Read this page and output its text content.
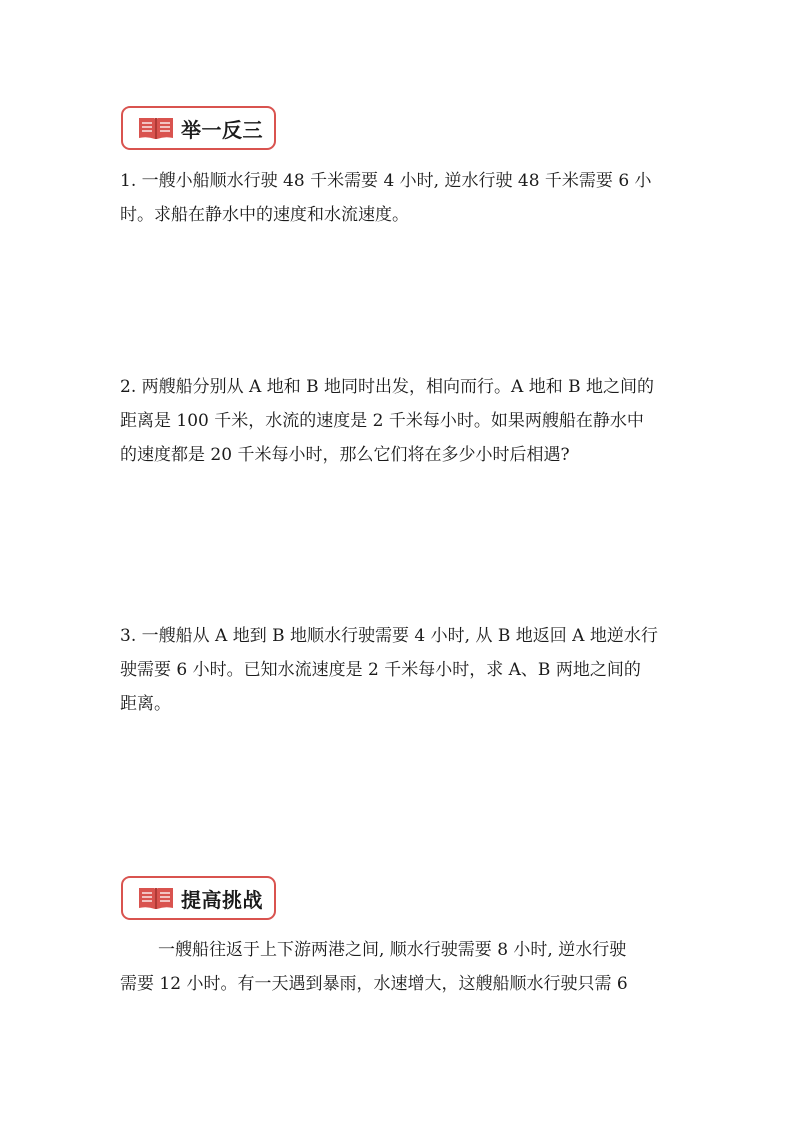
举一反三
1. 一艘小船顺水行驶 48 千米需要 4 小时, 逆水行驶 48 千米需要 6 小
时。求船在静水中的速度和水流速度。
2. 两艘船分别从 A 地和 B 地同时出发，相向而行。A 地和 B 地之间的
距离是 100 千米，水流的速度是 2 千米每小时。如果两艘船在静水中
的速度都是 20 千米每小时，那么它们将在多少小时后相遇?
3. 一艘船从 A 地到 B 地顺水行驶需要 4 小时, 从 B 地返回 A 地逆水行
驶需要 6 小时。已知水流速度是 2 千米每小时，求 A、B 两地之间的
距离。
提高挑战
一艘船往返于上下游两港之间, 顺水行驶需要 8 小时, 逆水行驶
需要 12 小时。有一天遇到暴雨，水速增大，这艘船顺水行驶只需 6
